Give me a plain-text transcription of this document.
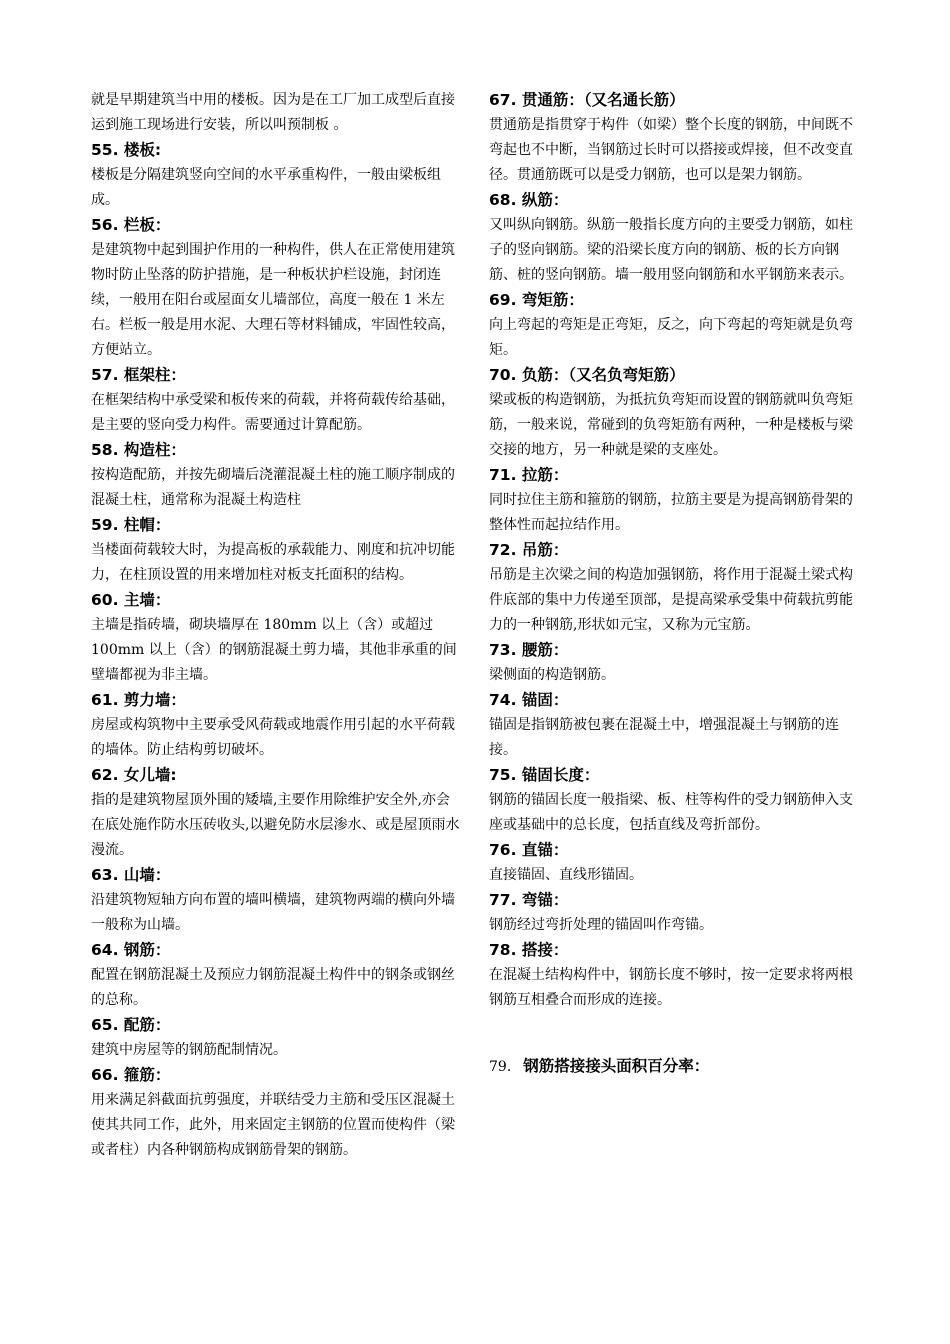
就是早期建筑当中用的楼板。因为是在工厂加工成型后直接运到施工现场进行安装，所以叫预制板 。
55. 楼板:
楼板是分隔建筑竖向空间的水平承重构件，一般由梁板组成。
56. 栏板：
是建筑物中起到围护作用的一种构件，供人在正常使用建筑物时防止坠落的防护措施，是一种板状护栏设施，封闭连续，一般用在阳台或屋面女儿墙部位，高度一般在 1 米左右。栏板一般是用水泥、大理石等材料铺成，牢固性较高，方便站立。
57. 框架柱：
在框架结构中承受梁和板传来的荷载，并将荷载传给基础，是主要的竖向受力构件。需要通过计算配筋。
58. 构造柱：
按构造配筋，并按先砌墙后浇灌混凝土柱的施工顺序制成的混凝土柱，通常称为混凝土构造柱
59. 柱帽：
当楼面荷载较大时，为提高板的承载能力、刚度和抗冲切能力，在柱顶设置的用来增加柱对板支托面积的结构。
60. 主墙：
主墙是指砖墙，砌块墙厚在 180mm 以上（含）或超过 100mm 以上（含）的钢筋混凝土剪力墙，其他非承重的间壁墙都视为非主墙。
61. 剪力墙：
房屋或构筑物中主要承受风荷载或地震作用引起的水平荷载的墙体。防止结构剪切破坏。
62. 女儿墙:
指的是建筑物屋顶外围的矮墙,主要作用除维护安全外,亦会在底处施作防水压砖收头,以避免防水层渗水、或是屋顶雨水漫流。
63. 山墙：
沿建筑物短轴方向布置的墙叫横墙，建筑物两端的横向外墙一般称为山墙。
64. 钢筋：
配置在钢筋混凝土及预应力钢筋混凝土构件中的钢条或钢丝的总称。
65. 配筋：
建筑中房屋等的钢筋配制情况。
66. 箍筋：
用来满足斜截面抗剪强度，并联结受力主筋和受压区混凝土使其共同工作，此外，用来固定主钢筋的位置而使构件（梁或者柱）内各种钢筋构成钢筋骨架的钢筋。
67. 贯通筋：（又名通长筋）
贯通筋是指贯穿于构件（如梁）整个长度的钢筋，中间既不弯起也不中断，当钢筋过长时可以搭接或焊接，但不改变直径。贯通筋既可以是受力钢筋，也可以是架力钢筋。
68. 纵筋：
又叫纵向钢筋。纵筋一般指长度方向的主要受力钢筋，如柱子的竖向钢筋。梁的沿梁长度方向的钢筋、板的长方向钢筋、桩的竖向钢筋。墙一般用竖向钢筋和水平钢筋来表示。
69. 弯矩筋：
向上弯起的弯矩是正弯矩，反之，向下弯起的弯矩就是负弯矩。
70. 负筋：（又名负弯矩筋）
梁或板的构造钢筋，为抵抗负弯矩而设置的钢筋就叫负弯矩筋，一般来说，常碰到的负弯矩筋有两种，一种是楼板与梁交接的地方，另一种就是梁的支座处。
71. 拉筋：
同时拉住主筋和箍筋的钢筋，拉筋主要是为提高钢筋骨架的整体性而起拉结作用。
72. 吊筋：
吊筋是主次梁之间的构造加强钢筋，将作用于混凝土梁式构件底部的集中力传递至顶部，是提高梁承受集中荷载抗剪能力的一种钢筋,形状如元宝，又称为元宝筋。
73. 腰筋：
梁侧面的构造钢筋。
74. 锚固：
锚固是指钢筋被包裹在混凝土中，增强混凝土与钢筋的连接。
75. 锚固长度：
钢筋的锚固长度一般指梁、板、柱等构件的受力钢筋伸入支座或基础中的总长度，包括直线及弯折部份。
76. 直锚：
直接锚固、直线形锚固。
77. 弯锚：
钢筋经过弯折处理的锚固叫作弯锚。
78. 搭接：
在混凝土结构构件中，钢筋长度不够时，按一定要求将两根钢筋互相叠合而形成的连接。
79. 钢筋搭接接头面积百分率：
